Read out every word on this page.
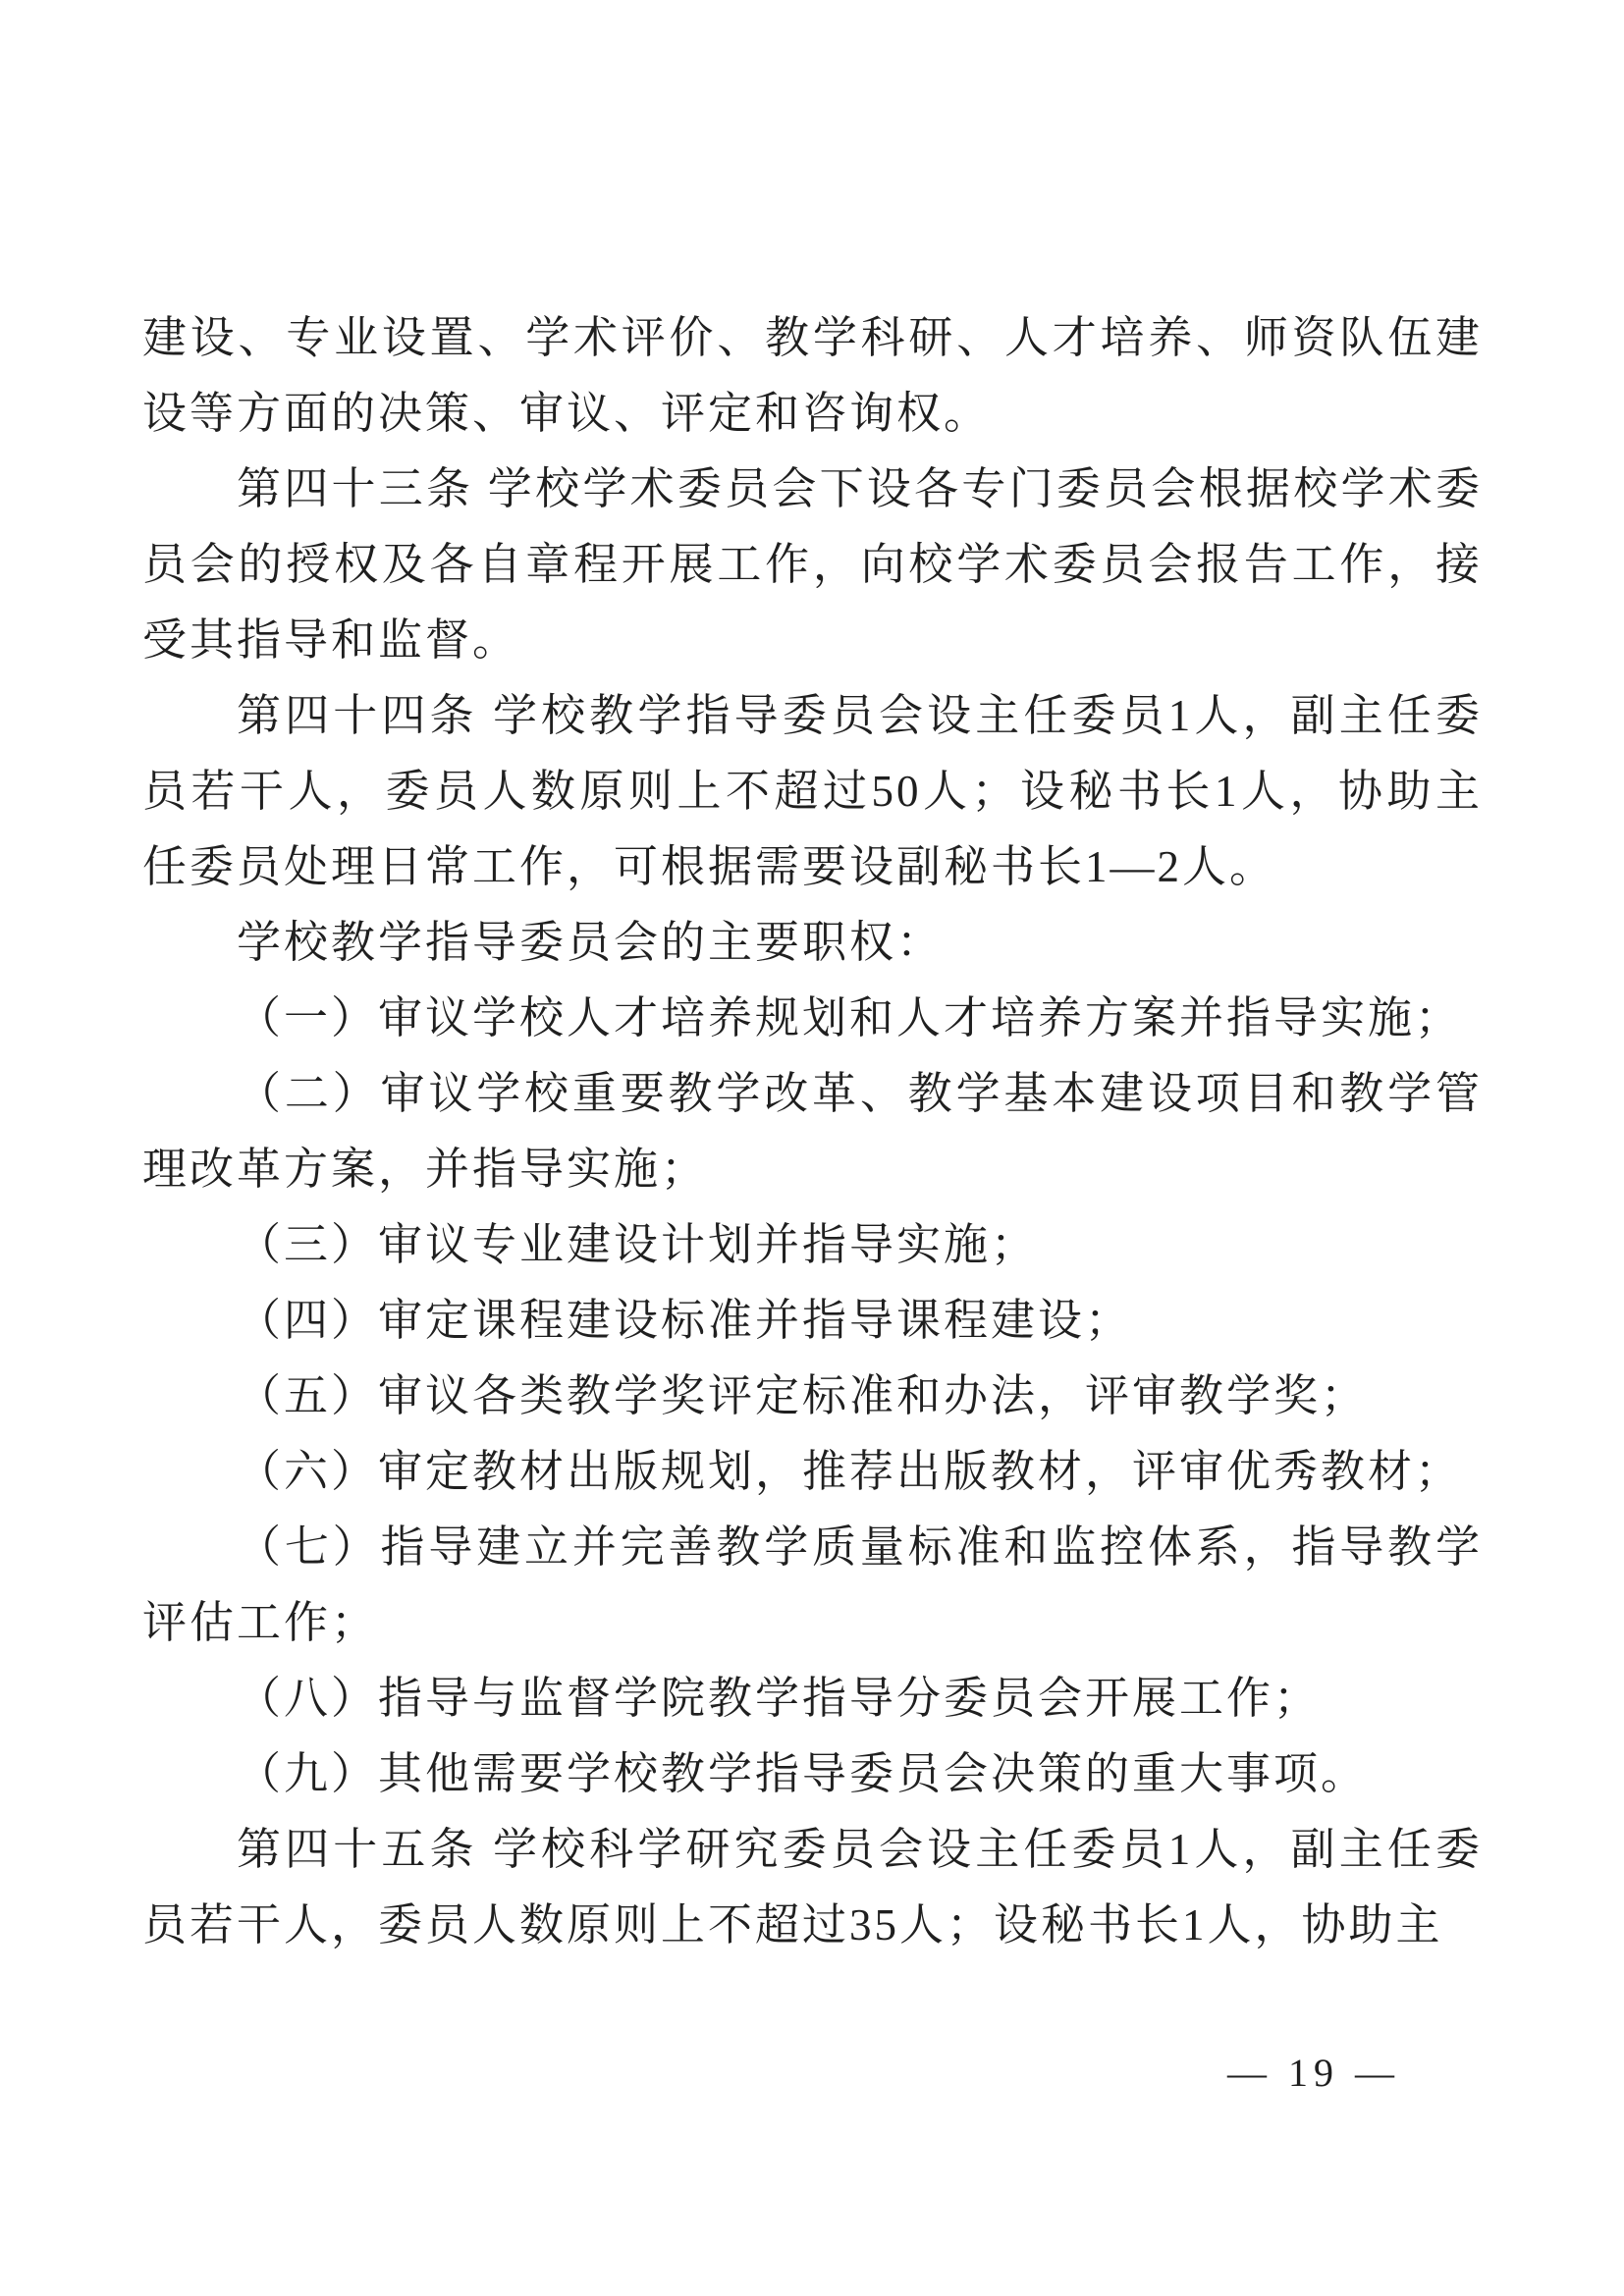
建设、专业设置、学术评价、教学科研、人才培养、师资队伍建设等方面的决策、审议、评定和咨询权。

第四十三条 学校学术委员会下设各专门委员会根据校学术委员会的授权及各自章程开展工作，向校学术委员会报告工作，接受其指导和监督。

第四十四条 学校教学指导委员会设主任委员1人，副主任委员若干人，委员人数原则上不超过50人；设秘书长1人，协助主任委员处理日常工作，可根据需要设副秘书长1—2人。

学校教学指导委员会的主要职权：

（一）审议学校人才培养规划和人才培养方案并指导实施；

（二）审议学校重要教学改革、教学基本建设项目和教学管理改革方案，并指导实施；

（三）审议专业建设计划并指导实施；

（四）审定课程建设标准并指导课程建设；

（五）审议各类教学奖评定标准和办法，评审教学奖；

（六）审定教材出版规划，推荐出版教材，评审优秀教材；

（七）指导建立并完善教学质量标准和监控体系，指导教学评估工作；

（八）指导与监督学院教学指导分委员会开展工作；

（九）其他需要学校教学指导委员会决策的重大事项。

第四十五条 学校科学研究委员会设主任委员1人，副主任委员若干人，委员人数原则上不超过35人；设秘书长1人，协助主

— 19 —
